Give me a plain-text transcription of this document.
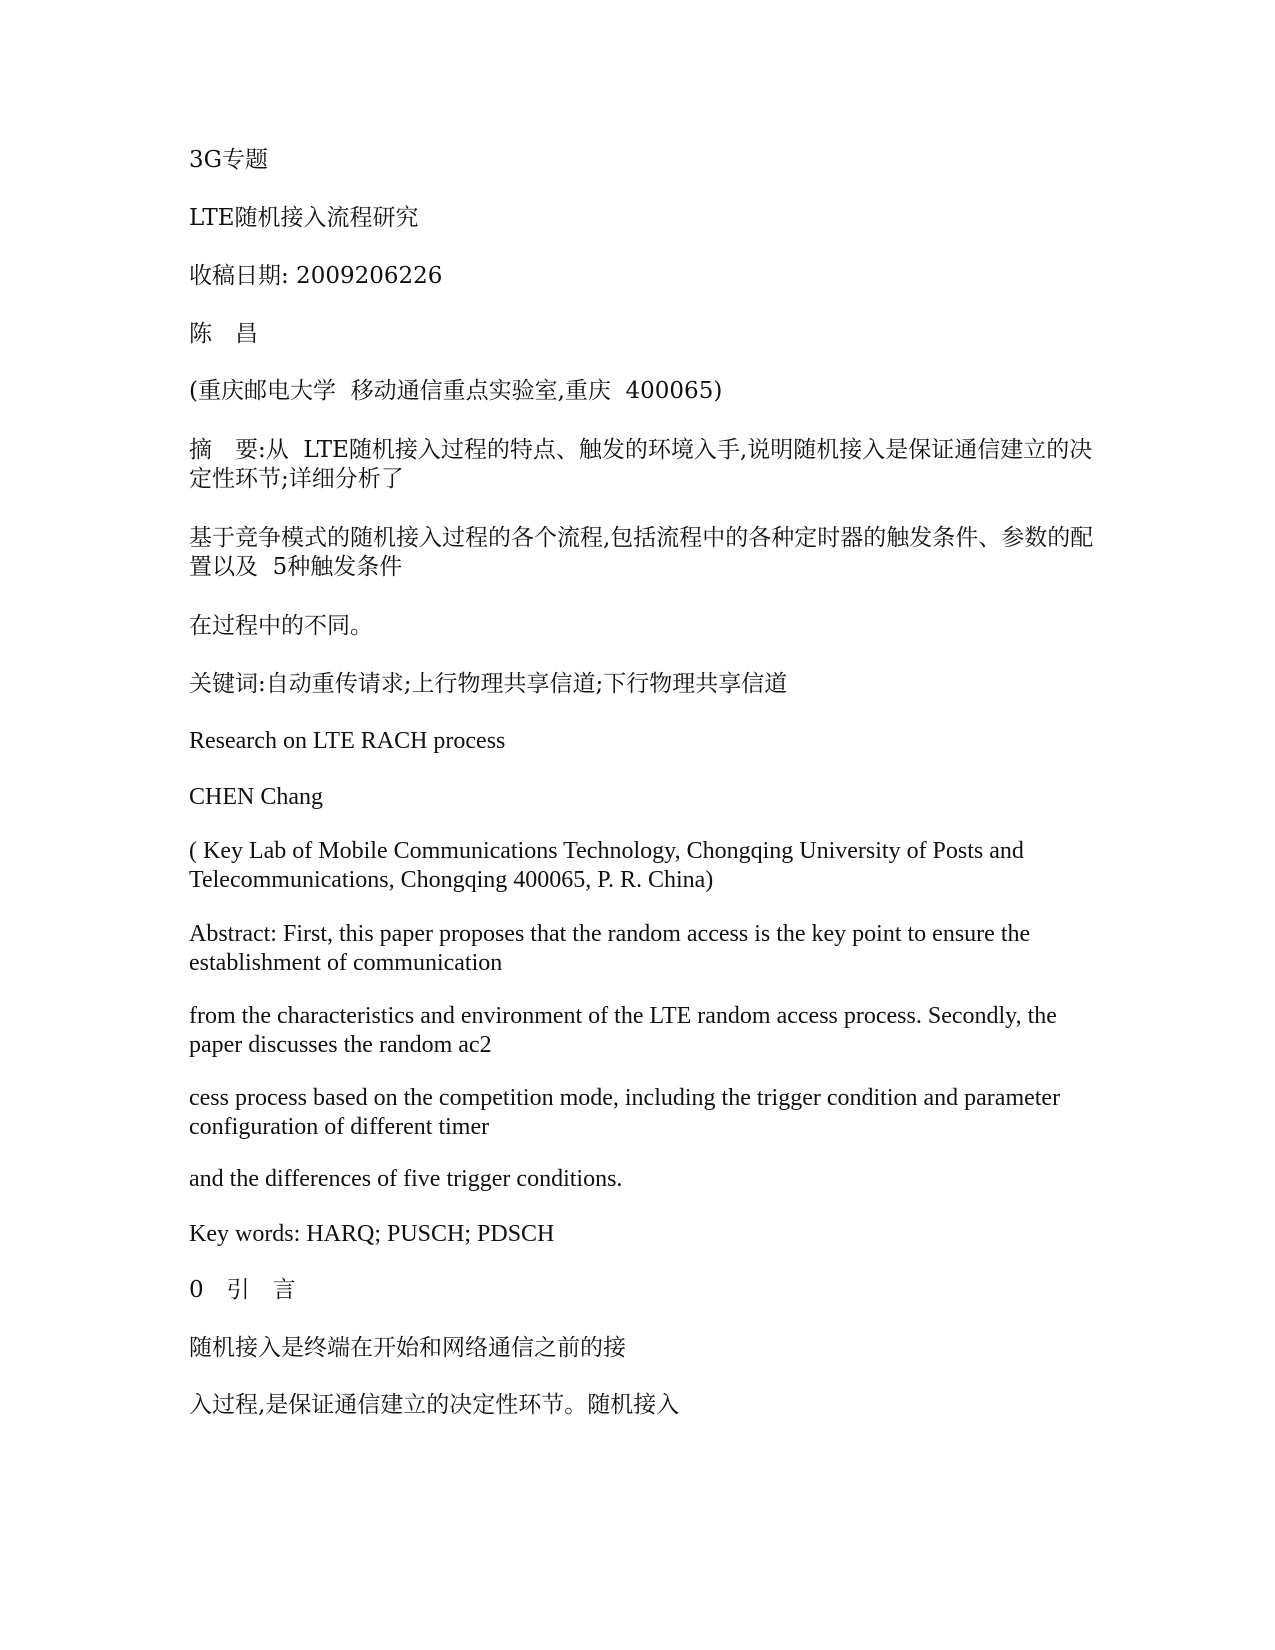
3G专题

LTE随机接入流程研究

收稿日期: 2009206226

陈　昌

(重庆邮电大学  移动通信重点实验室,重庆  400065)

摘　要:从  LTE随机接入过程的特点、触发的环境入手,说明随机接入是保证通信建立的决定性环节;详细分析了

基于竞争模式的随机接入过程的各个流程,包括流程中的各种定时器的触发条件、参数的配置以及  5种触发条件

在过程中的不同。

关键词:自动重传请求;上行物理共享信道;下行物理共享信道

Research on LTE RACH process

CHEN Chang

( Key Lab of Mobile Communications Technology, Chongqing University of Posts and Telecommunications, Chongqing 400065, P. R. China)

Abstract: First, this paper proposes that the random access is the key point to ensure the establishment of communication

from the characteristics and environment of the LTE random access process. Secondly, the paper discusses the random ac2

cess process based on the competition mode, including the trigger condition and parameter configuration of different timer

and the differences of five trigger conditions.

Key words: HARQ; PUSCH; PDSCH

0　引　言

随机接入是终端在开始和网络通信之前的接

入过程,是保证通信建立的决定性环节。随机接入
